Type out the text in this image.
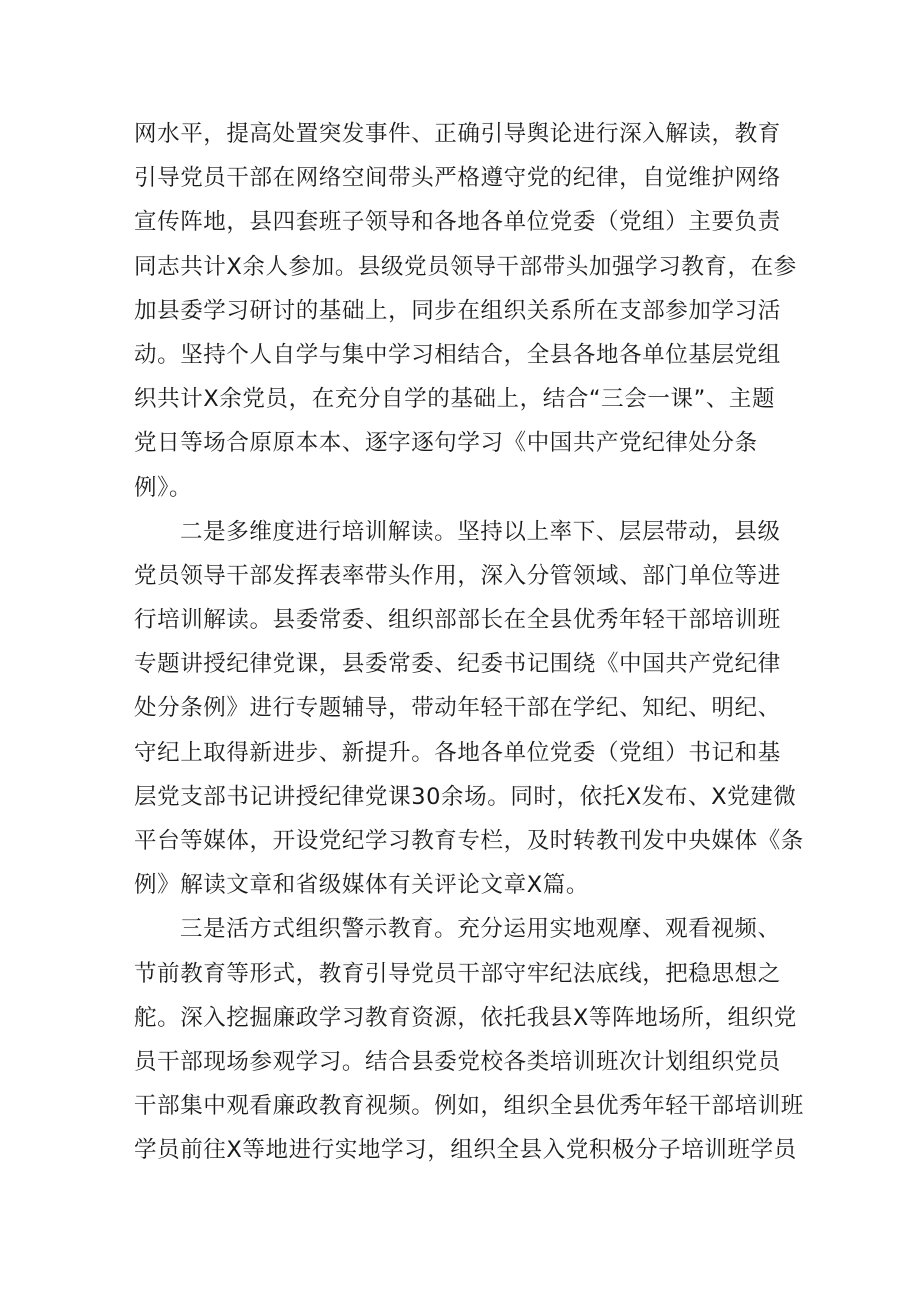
网水平，提高处置突发事件、正确引导舆论进行深入解读，教育
引导党员干部在网络空间带头严格遵守党的纪律，自觉维护网络
宣传阵地，县四套班子领导和各地各单位党委（党组）主要负责
同志共计X余人参加。县级党员领导干部带头加强学习教育，在参
加县委学习研讨的基础上，同步在组织关系所在支部参加学习活
动。坚持个人自学与集中学习相结合，全县各地各单位基层党组
织共计X余党员，在充分自学的基础上，结合“三会一课”、主题
党日等场合原原本本、逐字逐句学习《中国共产党纪律处分条
例》。

二是多维度进行培训解读。坚持以上率下、层层带动，县级
党员领导干部发挥表率带头作用，深入分管领域、部门单位等进
行培训解读。县委常委、组织部部长在全县优秀年轻干部培训班
专题讲授纪律党课，县委常委、纪委书记围绕《中国共产党纪律
处分条例》进行专题辅导，带动年轻干部在学纪、知纪、明纪、
守纪上取得新进步、新提升。各地各单位党委（党组）书记和基
层党支部书记讲授纪律党课30余场。同时，依托X发布、X党建微
平台等媒体，开设党纪学习教育专栏，及时转教刊发中央媒体《条
例》解读文章和省级媒体有关评论文章X篇。

三是活方式组织警示教育。充分运用实地观摩、观看视频、
节前教育等形式，教育引导党员干部守牢纪法底线，把稳思想之
舵。深入挖掘廉政学习教育资源，依托我县X等阵地场所，组织党
员干部现场参观学习。结合县委党校各类培训班次计划组织党员
干部集中观看廉政教育视频。例如，组织全县优秀年轻干部培训班
学员前往X等地进行实地学习，组织全县入党积极分子培训班学员
